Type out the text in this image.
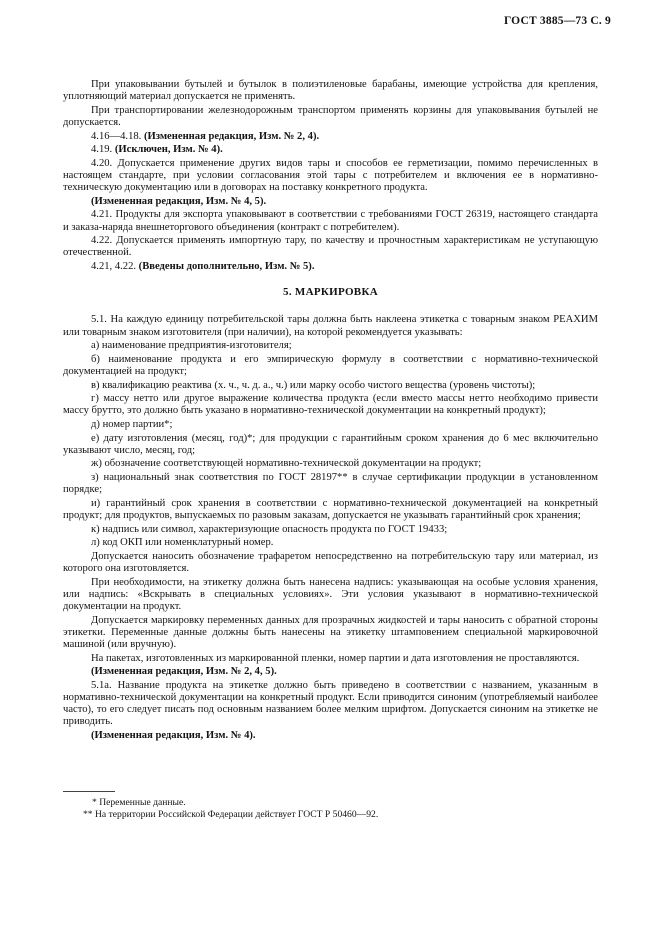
ГОСТ 3885—73 С. 9

При упаковывании бутылей и бутылок в полиэтиленовые барабаны, имеющие устройства для крепления, уплотняющий материал допускается не применять.

При транспортировании железнодорожным транспортом применять корзины для упаковывания бутылей не допускается.

4.16—4.18. (Измененная редакция, Изм. № 2, 4).

4.19. (Исключен, Изм. № 4).

4.20. Допускается применение других видов тары и способов ее герметизации, помимо перечисленных в настоящем стандарте, при условии согласования этой тары с потребителем и включения ее в нормативно-техническую документацию или в договорах на поставку конкретного продукта.

(Измененная редакция, Изм. № 4, 5).

4.21. Продукты для экспорта упаковывают в соответствии с требованиями ГОСТ 26319, настоящего стандарта и заказа-наряда внешнеторгового объединения (контракт с потребителем).

4.22. Допускается применять импортную тару, по качеству и прочностным характеристикам не уступающую отечественной.

4.21, 4.22. (Введены дополнительно, Изм. № 5).

5. МАРКИРОВКА

5.1. На каждую единицу потребительской тары должна быть наклеена этикетка с товарным знаком РЕАХИМ или товарным знаком изготовителя (при наличии), на которой рекомендуется указывать:

а) наименование предприятия-изготовителя;

б) наименование продукта и его эмпирическую формулу в соответствии с нормативно-технической документацией на продукт;

в) квалификацию реактива (х. ч., ч. д. а., ч.) или марку особо чистого вещества (уровень чистоты);

г) массу нетто или другое выражение количества продукта (если вместо массы нетто необходимо привести массу брутто, это должно быть указано в нормативно-технической документации на конкретный продукт);

д) номер партии*;

е) дату изготовления (месяц, год)*; для продукции с гарантийным сроком хранения до 6 мес включительно указывают число, месяц, год;

ж) обозначение соответствующей нормативно-технической документации на продукт;

з) национальный знак соответствия по ГОСТ 28197** в случае сертификации продукции в установленном порядке;

и) гарантийный срок хранения в соответствии с нормативно-технической документацией на конкретный продукт; для продуктов, выпускаемых по разовым заказам, допускается не указывать гарантийный срок хранения;

к) надпись или символ, характеризующие опасность продукта по ГОСТ 19433;

л) код ОКП или номенклатурный номер.

Допускается наносить обозначение трафаретом непосредственно на потребительскую тару или материал, из которого она изготовляется.

При необходимости, на этикетку должна быть нанесена надпись: указывающая на особые условия хранения, или надпись: «Вскрывать в специальных условиях». Эти условия указывают в нормативно-технической документации на продукт.

Допускается маркировку переменных данных для прозрачных жидкостей и тары наносить с обратной стороны этикетки. Переменные данные должны быть нанесены на этикетку штамповением специальной маркировочной машиной (или вручную).

На пакетах, изготовленных из маркированной пленки, номер партии и дата изготовления не проставляются.

(Измененная редакция, Изм. № 2, 4, 5).

5.1а. Название продукта на этикетке должно быть приведено в соответствии с названием, указанным в нормативно-технической документации на конкретный продукт. Если приводится синоним (употребляемый наиболее часто), то его следует писать под основным названием более мелким шрифтом. Допускается синоним на этикетке не приводить.

(Измененная редакция, Изм. № 4).

* Переменные данные.
** На территории Российской Федерации действует ГОСТ Р 50460—92.
